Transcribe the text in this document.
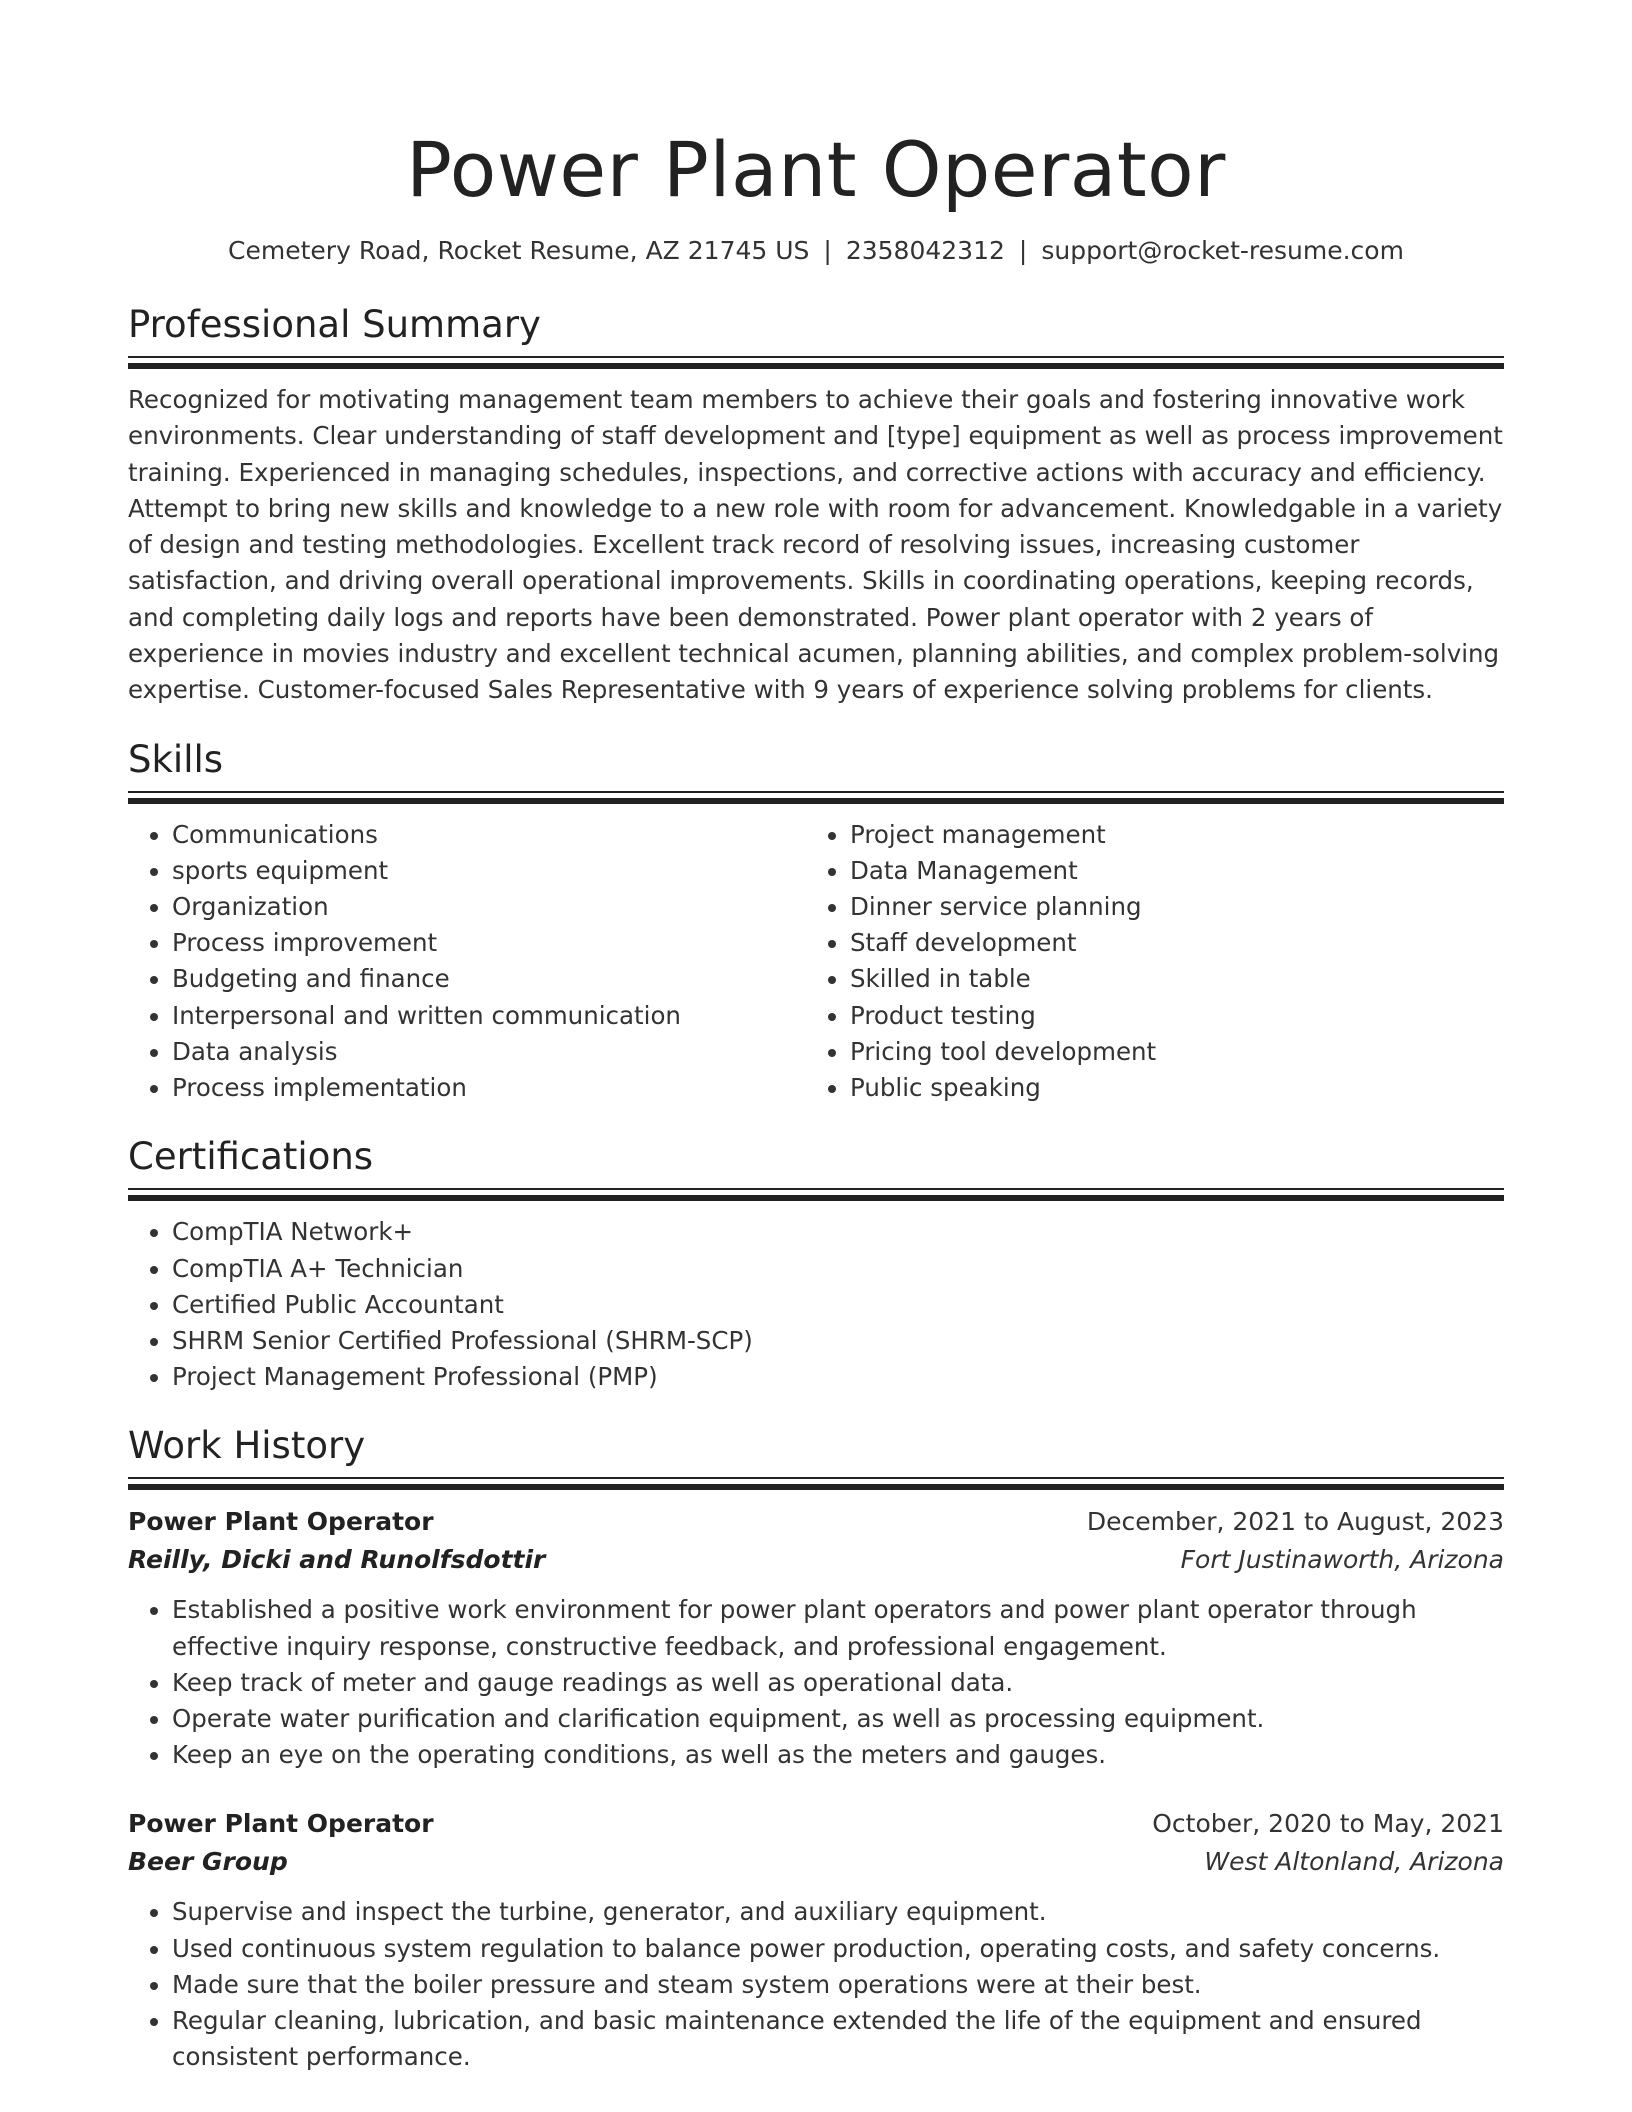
Power Plant Operator
Cemetery Road, Rocket Resume, AZ 21745 US | 2358042312 | support@rocket-resume.com
Professional Summary

Recognized for motivating management team members to achieve their goals and fostering innovative work environments. Clear understanding of staff development and [type] equipment as well as process improvement training. Experienced in managing schedules, inspections, and corrective actions with accuracy and efficiency. Attempt to bring new skills and knowledge to a new role with room for advancement. Knowledgable in a variety of design and testing methodologies. Excellent track record of resolving issues, increasing customer satisfaction, and driving overall operational improvements. Skills in coordinating operations, keeping records, and completing daily logs and reports have been demonstrated. Power plant operator with 2 years of experience in movies industry and excellent technical acumen, planning abilities, and complex problem-solving expertise. Customer-focused Sales Representative with 9 years of experience solving problems for clients.

Skills
• Communications
• sports equipment
• Organization
• Process improvement
• Budgeting and finance
• Interpersonal and written communication
• Data analysis
• Process implementation
• Project management
• Data Management
• Dinner service planning
• Staff development
• Skilled in table
• Product testing
• Pricing tool development
• Public speaking
Certifications
• CompTIA Network+
• CompTIA A+ Technician
• Certified Public Accountant
• SHRM Senior Certified Professional (SHRM-SCP)
• Project Management Professional (PMP)
Work History
Power Plant Operator	December, 2021 to August, 2023
Reilly, Dicki and Runolfsdottir	Fort Justinaworth, Arizona
• Established a positive work environment for power plant operators and power plant operator through effective inquiry response, constructive feedback, and professional engagement.
• Keep track of meter and gauge readings as well as operational data.
• Operate water purification and clarification equipment, as well as processing equipment.
• Keep an eye on the operating conditions, as well as the meters and gauges.
Power Plant Operator	October, 2020 to May, 2021
Beer Group	West Altonland, Arizona
• Supervise and inspect the turbine, generator, and auxiliary equipment.
• Used continuous system regulation to balance power production, operating costs, and safety concerns.
• Made sure that the boiler pressure and steam system operations were at their best.
• Regular cleaning, lubrication, and basic maintenance extended the life of the equipment and ensured consistent performance.
